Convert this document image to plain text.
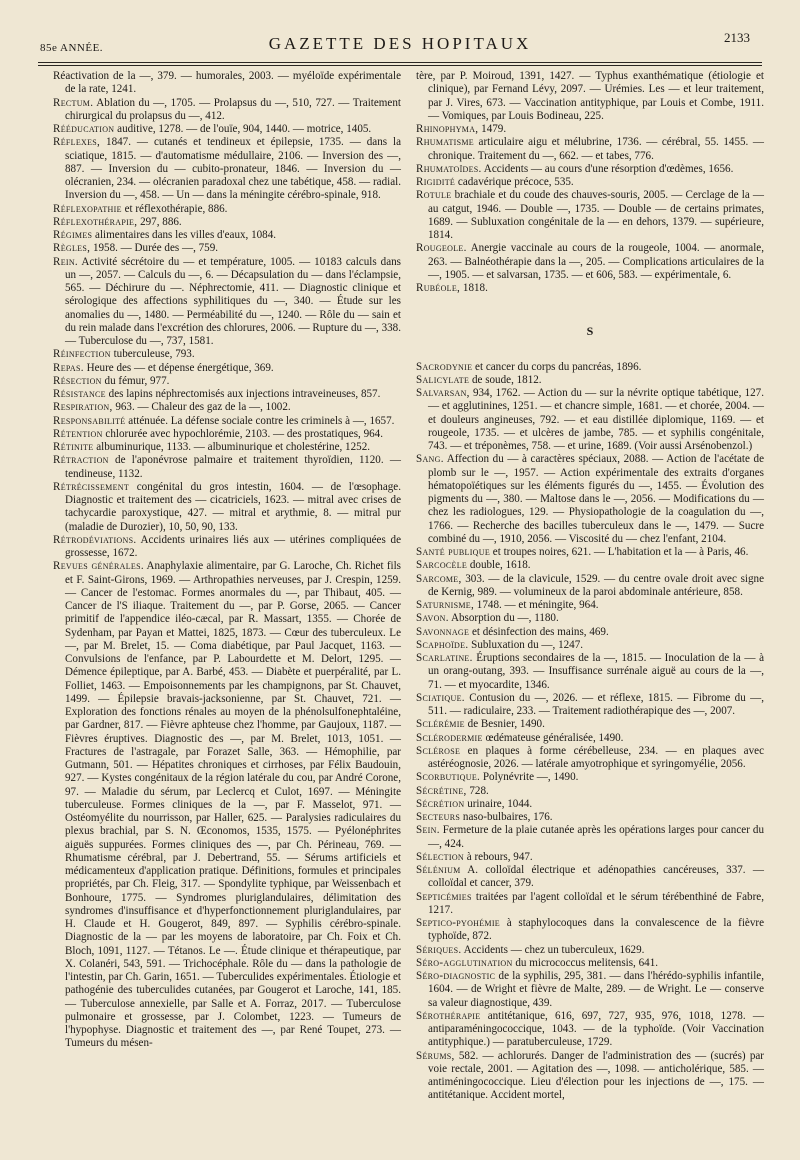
85e ANNÉE.	GAZETTE DES HOPITAUX	2133

Réactivation de la —, 379. — humorales, 2003. — myéloïde expérimentale de la rate, 1241.

Rectum. Ablation du —, 1705. — Prolapsus du —, 510, 727. — Traitement chirurgical du prolapsus du —, 412.

Rééducation auditive, 1278. — de l'ouïe, 904, 1440. — motrice, 1405.

Réflexes, 1847. — cutanés et tendineux et épilepsie, 1735. — dans la sciatique, 1815. — d'automatisme médullaire, 2106. — Inversion des —, 887. — Inversion du — cubito-pronateur, 1846. — Inversion du — olécranien, 234. — olécranien paradoxal chez une tabétique, 458. — radial. Inversion du —, 458. — Un — dans la méningite cérébro-spinale, 918.

Réflexopathie et réflexothérapie, 886.

Réflexothérapie, 297, 886.

Régimes alimentaires dans les villes d'eaux, 1084.

Règles, 1958. — Durée des —, 759.

Rein. Activité sécrétoire du — et température, 1005. — 10183 calculs dans un —, 2057. — Calculs du —, 6. — Décapsulation du — dans l'éclampsie, 565. — Déchirure du —. Néphrectomie, 411. — Diagnostic clinique et sérologique des affections syphilitiques du —, 340. — Étude sur les anomalies du —, 1480. — Perméabilité du —, 1240. — Rôle du — sain et du rein malade dans l'excrétion des chlorures, 2006. — Rupture du —, 338. — Tuberculose du —, 737, 1581.

Réinfection tuberculeuse, 793.

Repas. Heure des — et dépense énergétique, 369.

Résection du fémur, 977.

Résistance des lapins néphrectomisés aux injections intraveineuses, 857.

Respiration, 963. — Chaleur des gaz de la —, 1002.

Responsabilité atténuée. La défense sociale contre les criminels à —, 1657.

Rétention chlorurée avec hypochlorémie, 2103. — des prostatiques, 964.

Rétinite albuminurique, 1133. — albuminurique et cholestérine, 1252.

Rétraction de l'aponévrose palmaire et traitement thyroïdien, 1120. — tendineuse, 1132.

Rétrécissement congénital du gros intestin, 1604. — de l'œsophage. Diagnostic et traitement des — cicatriciels, 1623. — mitral avec crises de tachycardie paroxystique, 427. — mitral et arythmie, 8. — mitral pur (maladie de Durozier), 10, 50, 90, 133.

Rétrodéviations. Accidents urinaires liés aux — utérines compliquées de grossesse, 1672.

Revues générales. Anaphylaxie alimentaire, par G. Laroche, Ch. Richet fils et F. Saint-Girons, 1969. — Arthropathies nerveuses, par J. Crespin, 1259. — Cancer de l'estomac. Formes anormales du —, par Thibaut, 405. — Cancer de l'S iliaque. Traitement du —, par P. Gorse, 2065. — Cancer primitif de l'appendice iléo-cæcal, par R. Massart, 1355. — Chorée de Sydenham, par Payan et Mattei, 1825, 1873. — Cœur des tuberculeux. Le —, par M. Brelet, 15. — Coma diabétique, par Paul Jacquet, 1163. — Convulsions de l'enfance, par P. Labourdette et M. Delort, 1295. — Démence épileptique, par A. Barbé, 453. — Diabète et puerpéralité, par L. Folliet, 1463. — Empoisonnements par les champignons, par St. Chauvet, 1499. — Épilepsie bravais-jacksonienne, par St. Chauvet, 721. — Exploration des fonctions rénales au moyen de la phénolsulfonephtaléine, par Gardner, 817. — Fièvre aphteuse chez l'homme, par Gaujoux, 1187. — Fièvres éruptives. Diagnostic des —, par M. Brelet, 1013, 1051. — Fractures de l'astragale, par Forazet Salle, 363. — Hémophilie, par Gutmann, 501. — Hépatites chroniques et cirrhoses, par Félix Baudouin, 927. — Kystes congénitaux de la région latérale du cou, par André Corone, 97. — Maladie du sérum, par Leclercq et Culot, 1697. — Méningite tuberculeuse. Formes cliniques de la —, par F. Masselot, 971. — Ostéomyélite du nourrisson, par Haller, 625. — Paralysies radiculaires du plexus brachial, par S. N. Œconomos, 1535, 1575. — Pyélonéphrites aiguës suppurées. Formes cliniques des —, par Ch. Périneau, 769. — Rhumatisme cérébral, par J. Debertrand, 55. — Sérums artificiels et médicamenteux d'application pratique. Définitions, formules et principales propriétés, par Ch. Fleig, 317. — Spondylite typhique, par Weissenbach et Bonhoure, 1775. — Syndromes pluriglandulaires, délimitation des syndromes d'insuffisance et d'hyperfonctionnement pluriglandulaires, par H. Claude et H. Gougerot, 849, 897. — Syphilis cérébro-spinale. Diagnostic de la — par les moyens de laboratoire, par Ch. Foix et Ch. Bloch, 1091, 1127. — Tétanos. Le —. Étude clinique et thérapeutique, par X. Colanéri, 543, 591. — Trichocéphale. Rôle du — dans la pathologie de l'intestin, par Ch. Garin, 1651. — Tuberculides expérimentales. Étiologie et pathogénie des tuberculides cutanées, par Gougerot et Laroche, 141, 185. — Tuberculose annexielle, par Salle et A. Forraz, 2017. — Tuberculose pulmonaire et grossesse, par J. Colombet, 1223. — Tumeurs de l'hypophyse. Diagnostic et traitement des —, par René Toupet, 273. — Tumeurs du mésen-

tère, par P. Moiroud, 1391, 1427. — Typhus exanthématique (étiologie et clinique), par Fernand Lévy, 2097. — Urémies. Les — et leur traitement, par J. Vires, 673. — Vaccination antityphique, par Louis et Combe, 1911. — Vomiques, par Louis Bodineau, 225.

Rhinophyma, 1479.

Rhumatisme articulaire aigu et mélubrine, 1736. — cérébral, 55. 1455. — chronique. Traitement du —, 662. — et tabes, 776.

Rhumatoïdes. Accidents — au cours d'une résorption d'œdèmes, 1656.

Rigidité cadavérique précoce, 535.

Rotule brachiale et du coude des chauves-souris, 2005. — Cerclage de la — au catgut, 1946. — Double —, 1735. — Double — de certains primates, 1689. — Subluxation congénitale de la — en dehors, 1379. — supérieure, 1814.

Rougeole. Anergie vaccinale au cours de la rougeole, 1004. — anormale, 263. — Balnéothérapie dans la —, 205. — Complications articulaires de la —, 1905. — et salvarsan, 1735. — et 606, 583. — expérimentale, 6.

Rubéole, 1818.

S

Sacrodynie et cancer du corps du pancréas, 1896.

Salicylate de soude, 1812.

Salvarsan, 934, 1762. — Action du — sur la névrite optique tabétique, 127. — et agglutinines, 1251. — et chancre simple, 1681. — et chorée, 2004. — et douleurs angineuses, 792. — et eau distillée diplomique, 1169. — et rougeole, 1735. — et ulcères de jambe, 785. — et syphilis congénitale, 743. — et tréponèmes, 758. — et urine, 1689. (Voir aussi Arsénobenzol.)

Sang. Affection du — à caractères spéciaux, 2088. — Action de l'acétate de plomb sur le —, 1957. — Action expérimentale des extraits d'organes hématopoïétiques sur les éléments figurés du —, 1455. — Évolution des pigments du —, 380. — Maltose dans le —, 2056. — Modifications du — chez les radiologues, 129. — Physiopathologie de la coagulation du —, 1766. — Recherche des bacilles tuberculeux dans le —, 1479. — Sucre combiné du —, 1910, 2056. — Viscosité du — chez l'enfant, 2104.

Santé publique et troupes noires, 621. — L'habitation et la — à Paris, 46.

Sarcocèle double, 1618.

Sarcome, 303. — de la clavicule, 1529. — du centre ovale droit avec signe de Kernig, 989. — volumineux de la paroi abdominale antérieure, 858.

Saturnisme, 1748. — et méningite, 964.

Savon. Absorption du —, 1180.

Savonnage et désinfection des mains, 469.

Scaphoïde. Subluxation du —, 1247.

Scarlatine. Éruptions secondaires de la —, 1815. — Inoculation de la — à un orang-outang, 393. — Insuffisance surrénale aiguë au cours de la —, 71. — et myocardite, 1346.

Sciatique. Contusion du —, 2026. — et réflexe, 1815. — Fibrome du —, 511. — radiculaire, 233. — Traitement radiothérapique des —, 2007.

Sclérémie de Besnier, 1490.

Sclérodermie œdémateuse généralisée, 1490.

Sclérose en plaques à forme cérébelleuse, 234. — en plaques avec astéréognosie, 2026. — latérale amyotrophique et syringomyélie, 2056.

Scorbutique. Polynévrite —, 1490.

Sécrétine, 728.

Sécrétion urinaire, 1044.

Secteurs naso-bulbaires, 176.

Sein. Fermeture de la plaie cutanée après les opérations larges pour cancer du —, 424.

Sélection à rebours, 947.

Sélénium A. colloïdal électrique et adénopathies cancéreuses, 337. — colloïdal et cancer, 379.

Septicémies traitées par l'agent colloïdal et le sérum térébenthiné de Fabre, 1217.

Septico-pyohémie à staphylocoques dans la convalescence de la fièvre typhoïde, 872.

Sériques. Accidents — chez un tuberculeux, 1629.

Séro-agglutination du micrococcus melitensis, 641.

Séro-diagnostic de la syphilis, 295, 381. — dans l'hérédo-syphilis infantile, 1604. — de Wright et fièvre de Malte, 289. — de Wright. Le — conserve sa valeur diagnostique, 439.

Sérothérapie antitétanique, 616, 697, 727, 935, 976, 1018, 1278. — antiparaméningococcique, 1043. — de la typhoïde. (Voir Vaccination antityphique.) — paratuberculeuse, 1729.

Sérums, 582. — achlorurés. Danger de l'administration des — (sucrés) par voie rectale, 2001. — Agitation des —, 1098. — anticholérique, 585. — antiméningococcique. Lieu d'élection pour les injections de —, 175. — antitétanique. Accident mortel,
